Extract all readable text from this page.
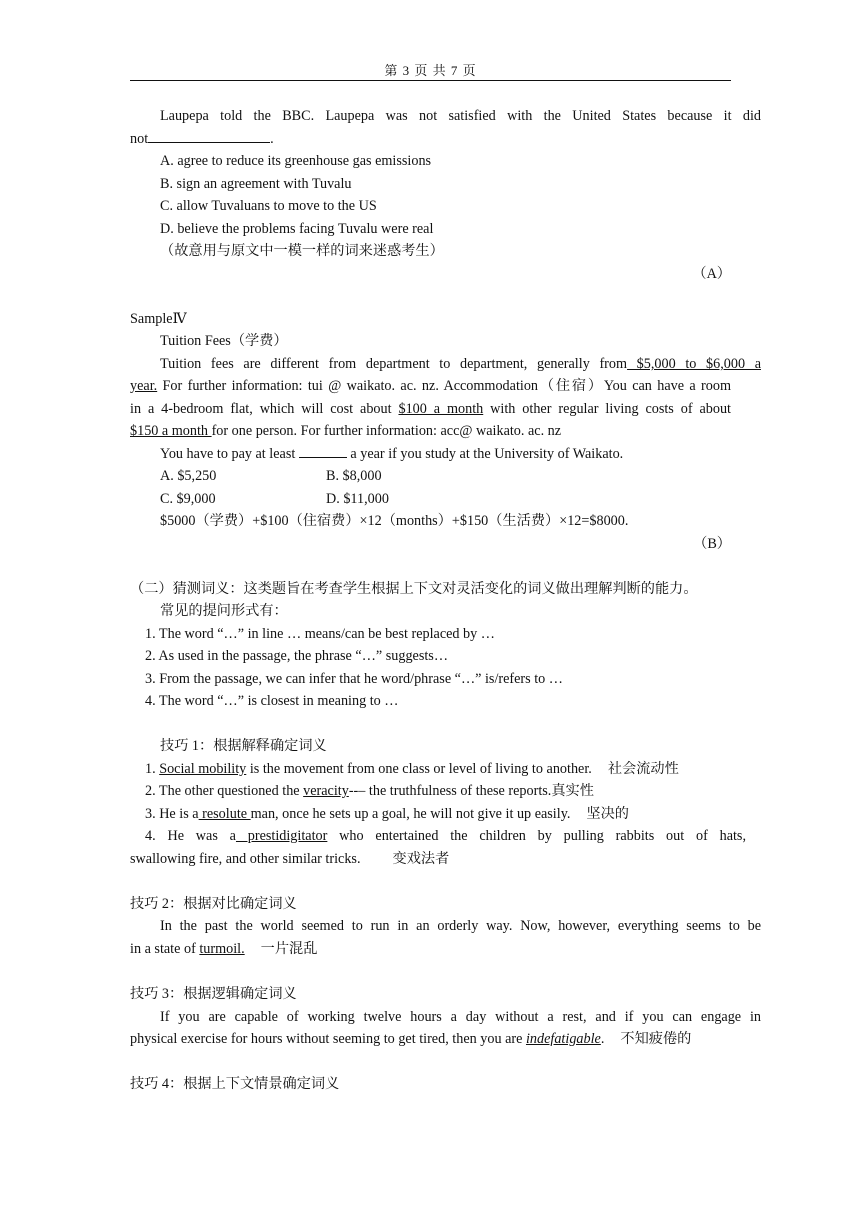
第 3 页 共 7 页
Laupepa told the BBC. Laupepa was not satisfied with the United States because it did
not	.
A. agree to reduce its greenhouse gas emissions
B. sign an agreement with Tuvalu
C. allow Tuvaluans to move to the US
D. believe the problems facing Tuvalu were real
（故意用与原文中一模一样的词来迷惑考生）
（A）
SampleⅣ
Tuition Fees（学费）
Tuition fees are different from department to department, generally from $5,000 to $6,000 a
year. For further information: tui @ waikato. ac. nz. Accommodation（住宿）You can have a room
in a 4-bedroom flat, which will cost about $100 a month with other regular living costs of about
$150 a month for one person. For further information: acc@ waikato. ac. nz
You have to pay at least	a year if you study at the University of Waikato.
A. $5,250	B. $8,000
C. $9,000	D. $11,000
$5000（学费）+$100（住宿费）×12（months）+$150（生活费）×12=$8000.
（B）
（二）猜测词义：这类题旨在考查学生根据上下文对灵活变化的词义做出理解判断的能力。
常见的提问形式有：
1. The word “…” in line … means/can be best replaced by …
2. As used in the passage, the phrase “…” suggests…
3. From the passage, we can infer that he word/phrase “…” is/refers to …
4. The word “…” is closest in meaning to …
技巧 1：根据解释确定词义
1. Social mobility is the movement from one class or level of living to another. 社会流动性
2. The other questioned the veracity--– the truthfulness of these reports.真实性
3. He is a resolute man, once he sets up a goal, he will not give it up easily. 坚决的
4. He was a prestidigitator who entertained the children by pulling rabbits out of hats,
swallowing fire, and other similar tricks. 变戏法者
技巧 2：根据对比确定词义
In the past the world seemed to run in an orderly way. Now, however, everything seems to be
in a state of turmoil. 一片混乱
技巧 3：根据逻辑确定词义
If you are capable of working twelve hours a day without a rest, and if you can engage in
physical exercise for hours without seeming to get tired, then you are indefatigable. 不知疲倦的
技巧 4：根据上下文情景确定词义
